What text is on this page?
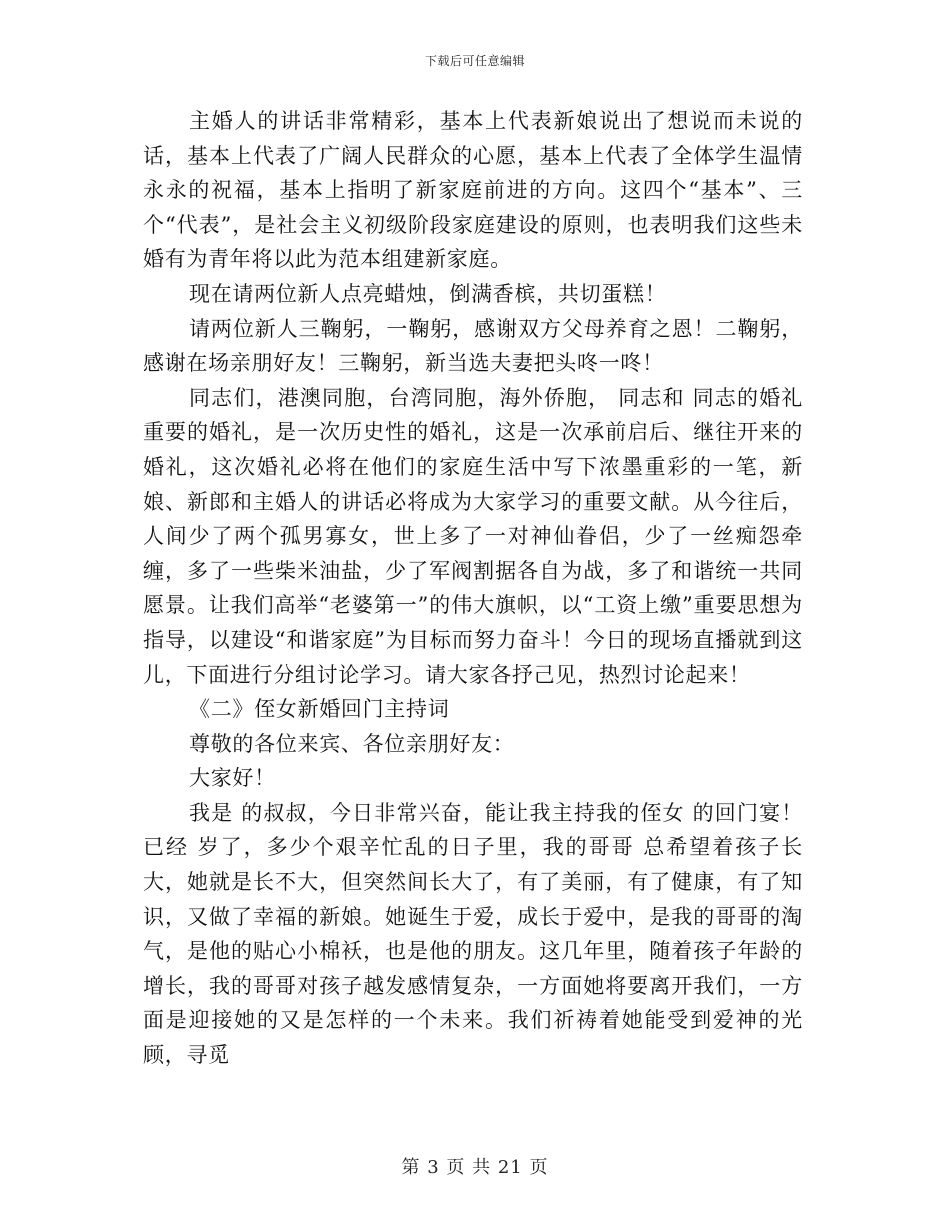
下载后可任意编辑

主婚人的讲话非常精彩，基本上代表新娘说出了想说而未说的话，基本上代表了广阔人民群众的心愿，基本上代表了全体学生温情永永的祝福，基本上指明了新家庭前进的方向。这四个“基本”、三个“代表”，是社会主义初级阶段家庭建设的原则，也表明我们这些未婚有为青年将以此为范本组建新家庭。

现在请两位新人点亮蜡烛，倒满香槟，共切蛋糕！

请两位新人三鞠躬，一鞠躬，感谢双方父母养育之恩！二鞠躬，感谢在场亲朋好友！三鞠躬，新当选夫妻把头咚一咚！

同志们，港澳同胞，台湾同胞，海外侨胞， 同志和 同志的婚礼重要的婚礼，是一次历史性的婚礼，这是一次承前启后、继往开来的婚礼，这次婚礼必将在他们的家庭生活中写下浓墨重彩的一笔，新娘、新郎和主婚人的讲话必将成为大家学习的重要文献。从今往后，人间少了两个孤男寡女，世上多了一对神仙眷侣，少了一丝痴怨牵缠，多了一些柴米油盐，少了军阀割据各自为战，多了和谐统一共同愿景。让我们高举“老婆第一”的伟大旗帜，以“工资上缴”重要思想为指导，以建设“和谐家庭”为目标而努力奋斗！今日的现场直播就到这儿，下面进行分组讨论学习。请大家各抒己见，热烈讨论起来！

《二》侄女新婚回门主持词

尊敬的各位来宾、各位亲朋好友：

大家好！

我是 的叔叔，今日非常兴奋，能让我主持我的侄女 的回门宴！已经 岁了，多少个艰辛忙乱的日子里，我的哥哥 总希望着孩子长大，她就是长不大，但突然间长大了，有了美丽，有了健康，有了知识，又做了幸福的新娘。她诞生于爱，成长于爱中，是我的哥哥的淘气，是他的贴心小棉袄，也是他的朋友。这几年里，随着孩子年龄的增长，我的哥哥对孩子越发感情复杂，一方面她将要离开我们，一方面是迎接她的又是怎样的一个未来。我们祈祷着她能受到爱神的光顾，寻觅

第 3 页 共 21 页
